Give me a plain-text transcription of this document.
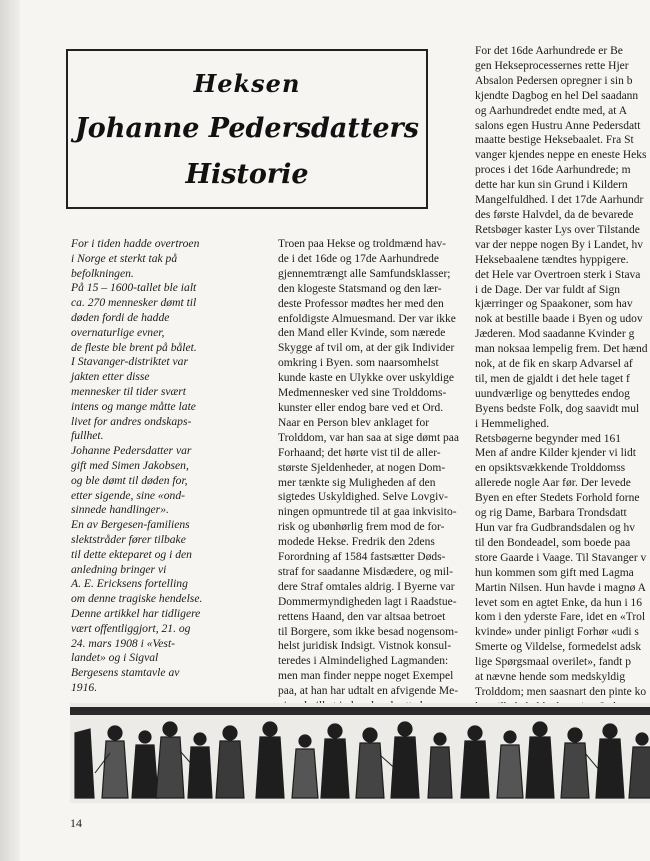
Heksen
Johanne Pedersdatters
Historie

For i tiden hadde overtroen

i Norge et sterkt tak på

befolkningen.

På 15 – 1600-tallet ble ialt

ca. 270 mennesker dømt til

døden fordi de hadde

overnaturlige evner,

de fleste ble brent på bålet.

I Stavanger-distriktet var

jakten etter disse

mennesker til tider svært

intens og mange måtte late

livet for andres ondskaps-

fullhet.

Johanne Pedersdatter var

gift med Simen Jakobsen,

og ble dømt til døden for,

etter sigende, sine «ond-

sinnede handlinger».

En av Bergesen-familiens

slektstråder fører tilbake

til dette ekteparet og i den

anledning bringer vi

A. E. Ericksens fortelling

om denne tragiske hendelse.

Denne artikkel har tidligere

vært offentliggjort, 21. og

24. mars 1908 i «Vest-

landet» og i Sigval

Bergesens stamtavle av

1916.

Troen paa Hekse og troldmænd hav-

de i det 16de og 17de Aarhundrede

gjennemtrængt alle Samfundsklasser;

den klogeste Statsmand og den lær-

deste Professor mødtes her med den

enfoldigste Almuesmand. Der var ikke

den Mand eller Kvinde, som nærede

Skygge af tvil om, at der gik Individer

omkring i Byen. som naarsomhelst

kunde kaste en Ulykke over uskyldige

Medmennesker ved sine Trolddoms-

kunster eller endog bare ved et Ord.

Naar en Person blev anklaget for

Trolddom, var han saa at sige dømt paa

Forhaand; det hørte vist til de aller-

største Sjeldenheder, at nogen Dom-

mer tænkte sig Muligheden af den

sigtedes Uskyldighed. Selve Lovgiv-

ningen opmuntrede til at gaa inkvisito-

risk og ubønhørlig frem mod de for-

modede Hekse. Fredrik den 2dens

Forordning af 1584 fastsætter Døds-

straf for saadanne Misdædere, og mil-

dere Straf omtales aldrig. I Byerne var

Dommermyndigheden lagt i Raadstue-

rettens Haand, den var altsaa betroet

til Borgere, som ikke besad nogensom-

helst juridisk Indsigt. Vistnok konsul-

teredes i Almindelighed Lagmanden:

men man finder neppe noget Exempel

paa, at han har udtalt en afvigende Me-

For det 16de Aarhundrede er Be

gen Hekseprocessernes rette Hjer

Absalon Pedersen opregner i sin b

kjendte Dagbog en hel Del saadann

og Aarhundredet endte med, at A

salons egen Hustru Anne Pedersdatt

maatte bestige Heksebaalet. Fra St

vanger kjendes neppe en eneste Heks

proces i det 16de Aarhundrede; m

dette har kun sin Grund i Kildern

Mangelfuldhed. I det 17de Aarhundr

des første Halvdel, da de bevarede

Retsbøger kaster Lys over Tilstande

var der neppe nogen By i Landet, hv

Heksebaalene tændtes hyppigere.

det Hele var Overtroen sterk i Stava

i de Dage. Der var fuldt af Sign

kjærringer og Spaakoner, som hav

nok at bestille baade i Byen og udov

Jæderen. Mod saadanne Kvinder g

man noksaa lempelig frem. Det hænd

nok, at de fik en skarp Advarsel af

til, men de gjaldt i det hele taget f

uundværlige og benyttedes endog

Byens bedste Folk, dog saavidt mul

i Hemmelighed.

Retsbøgerne begynder med 161

Men af andre Kilder kjender vi lidt

en opsiktsvækkende Trolddomss

allerede nogle Aar før. Der levede

Byen en efter Stedets Forhold forne

og rig Dame, Barbara Trondsdatt

Hun var fra Gudbrandsdalen og hv

til den Bondeadel, som boede paa

store Gaarde i Vaage. Til Stavanger v

hun kommen som gift med Lagma

Martin Nilsen. Hun havde i magnø A

levet som en agtet Enke, da hun i 16

kom i den yderste Fare, idet en «Trol

kvinde» under pinligt Forhør «udi s

Smerte og Vildelse, formedelst adsk

lige Spørgsmaal overilet», fandt p

at nævne hende som medskyldig

Trolddom; men saasnart den pinte ko

14
